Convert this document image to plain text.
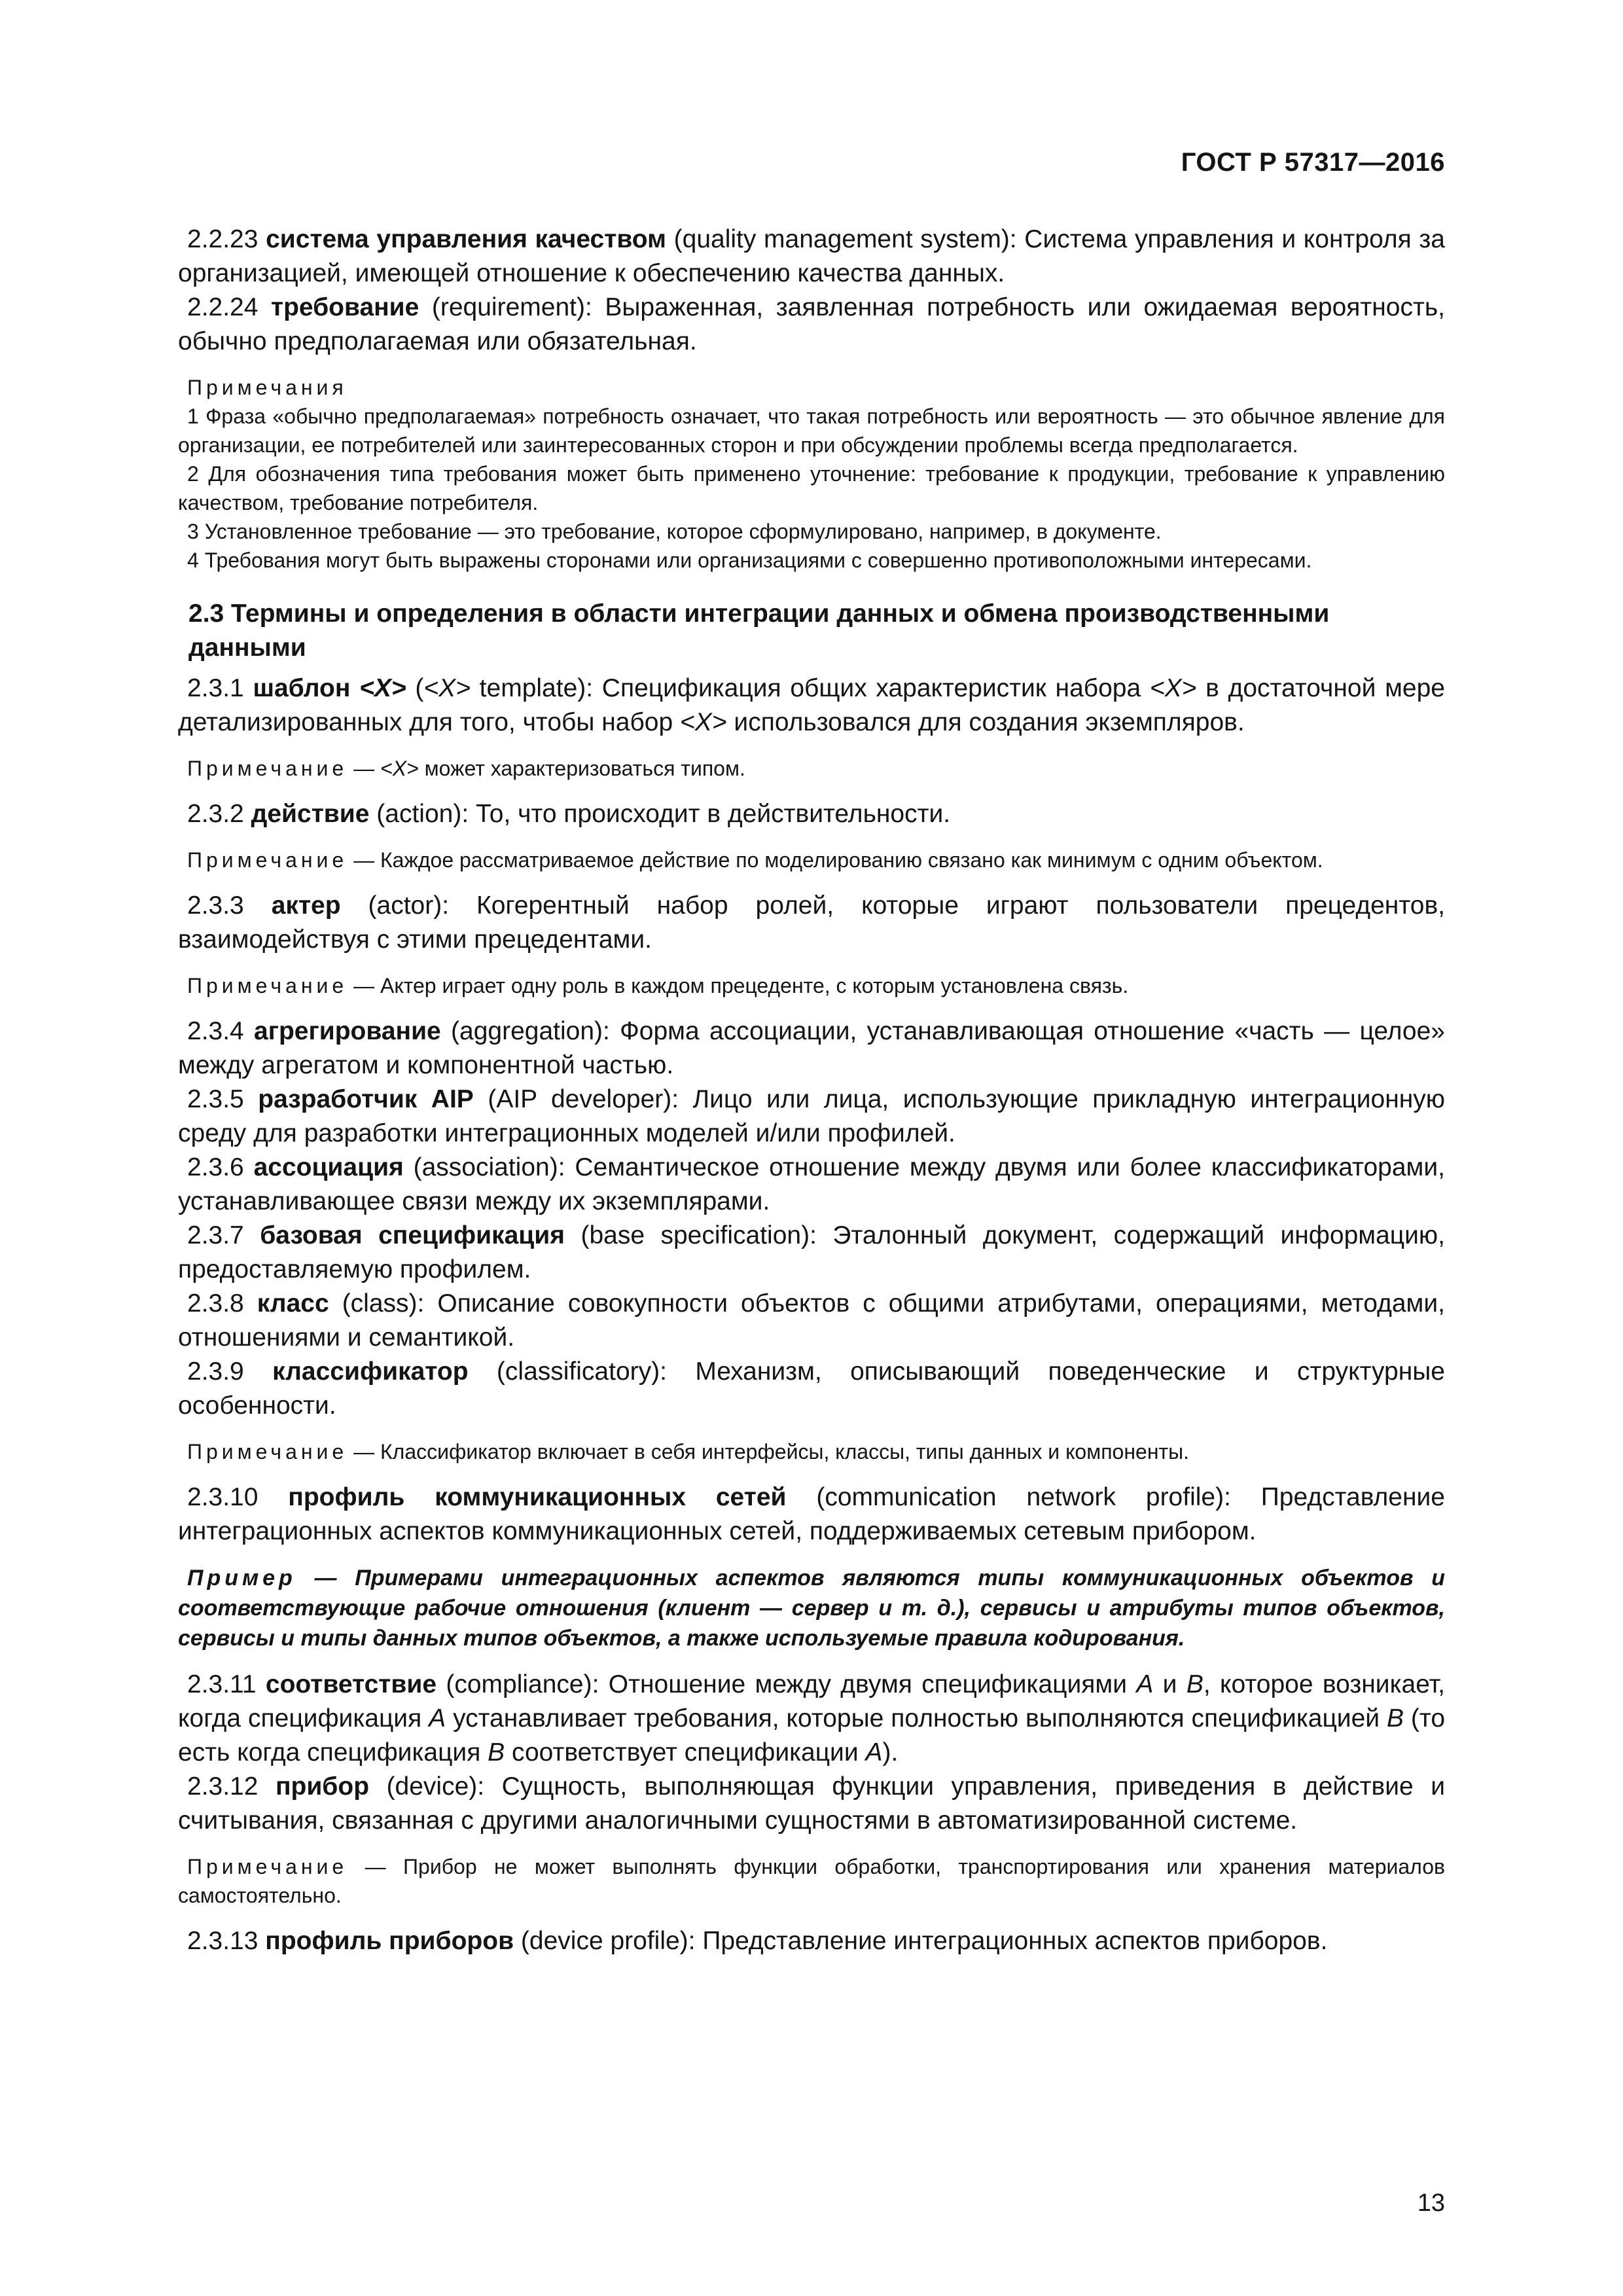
ГОСТ Р 57317—2016

2.2.23 система управления качеством (quality management system): Система управления и контроля за организацией, имеющей отношение к обеспечению качества данных.

2.2.24 требование (requirement): Выраженная, заявленная потребность или ожидаемая вероятность, обычно предполагаемая или обязательная.

Примечания

1 Фраза «обычно предполагаемая» потребность означает, что такая потребность или вероятность — это обычное явление для организации, ее потребителей или заинтересованных сторон и при обсуждении проблемы всегда предполагается.

2 Для обозначения типа требования может быть применено уточнение: требование к продукции, требование к управлению качеством, требование потребителя.

3 Установленное требование — это требование, которое сформулировано, например, в документе.

4 Требования могут быть выражены сторонами или организациями с совершенно противоположными интересами.

2.3 Термины и определения в области интеграции данных и обмена производственными данными

2.3.1 шаблон <X> (<X> template): Спецификация общих характеристик набора <X> в достаточной мере детализированных для того, чтобы набор <X> использовался для создания экземпляров.

Примечание — <X> может характеризоваться типом.

2.3.2 действие (action): То, что происходит в действительности.

Примечание — Каждое рассматриваемое действие по моделированию связано как минимум с одним объектом.

2.3.3 актер (actor): Когерентный набор ролей, которые играют пользователи прецедентов, взаимодействуя с этими прецедентами.

Примечание — Актер играет одну роль в каждом прецеденте, с которым установлена связь.

2.3.4 агрегирование (aggregation): Форма ассоциации, устанавливающая отношение «часть — целое» между агрегатом и компонентной частью.

2.3.5 разработчик AIP (AIP developer): Лицо или лица, использующие прикладную интеграционную среду для разработки интеграционных моделей и/или профилей.

2.3.6 ассоциация (association): Семантическое отношение между двумя или более классификаторами, устанавливающее связи между их экземплярами.

2.3.7 базовая спецификация (base specification): Эталонный документ, содержащий информацию, предоставляемую профилем.

2.3.8 класс (class): Описание совокупности объектов с общими атрибутами, операциями, методами, отношениями и семантикой.

2.3.9 классификатор (classificatory): Механизм, описывающий поведенческие и структурные особенности.

Примечание — Классификатор включает в себя интерфейсы, классы, типы данных и компоненты.

2.3.10 профиль коммуникационных сетей (communication network profile): Представление интеграционных аспектов коммуникационных сетей, поддерживаемых сетевым прибором.

Пример — Примерами интеграционных аспектов являются типы коммуникационных объектов и соответствующие рабочие отношения (клиент — сервер и т. д.), сервисы и атрибуты типов объектов, сервисы и типы данных типов объектов, а также используемые правила кодирования.

2.3.11 соответствие (compliance): Отношение между двумя спецификациями A и B, которое возникает, когда спецификация A устанавливает требования, которые полностью выполняются спецификацией B (то есть когда спецификация B соответствует спецификации A).

2.3.12 прибор (device): Сущность, выполняющая функции управления, приведения в действие и считывания, связанная с другими аналогичными сущностями в автоматизированной системе.

Примечание — Прибор не может выполнять функции обработки, транспортирования или хранения материалов самостоятельно.

2.3.13 профиль приборов (device profile): Представление интеграционных аспектов приборов.

13
